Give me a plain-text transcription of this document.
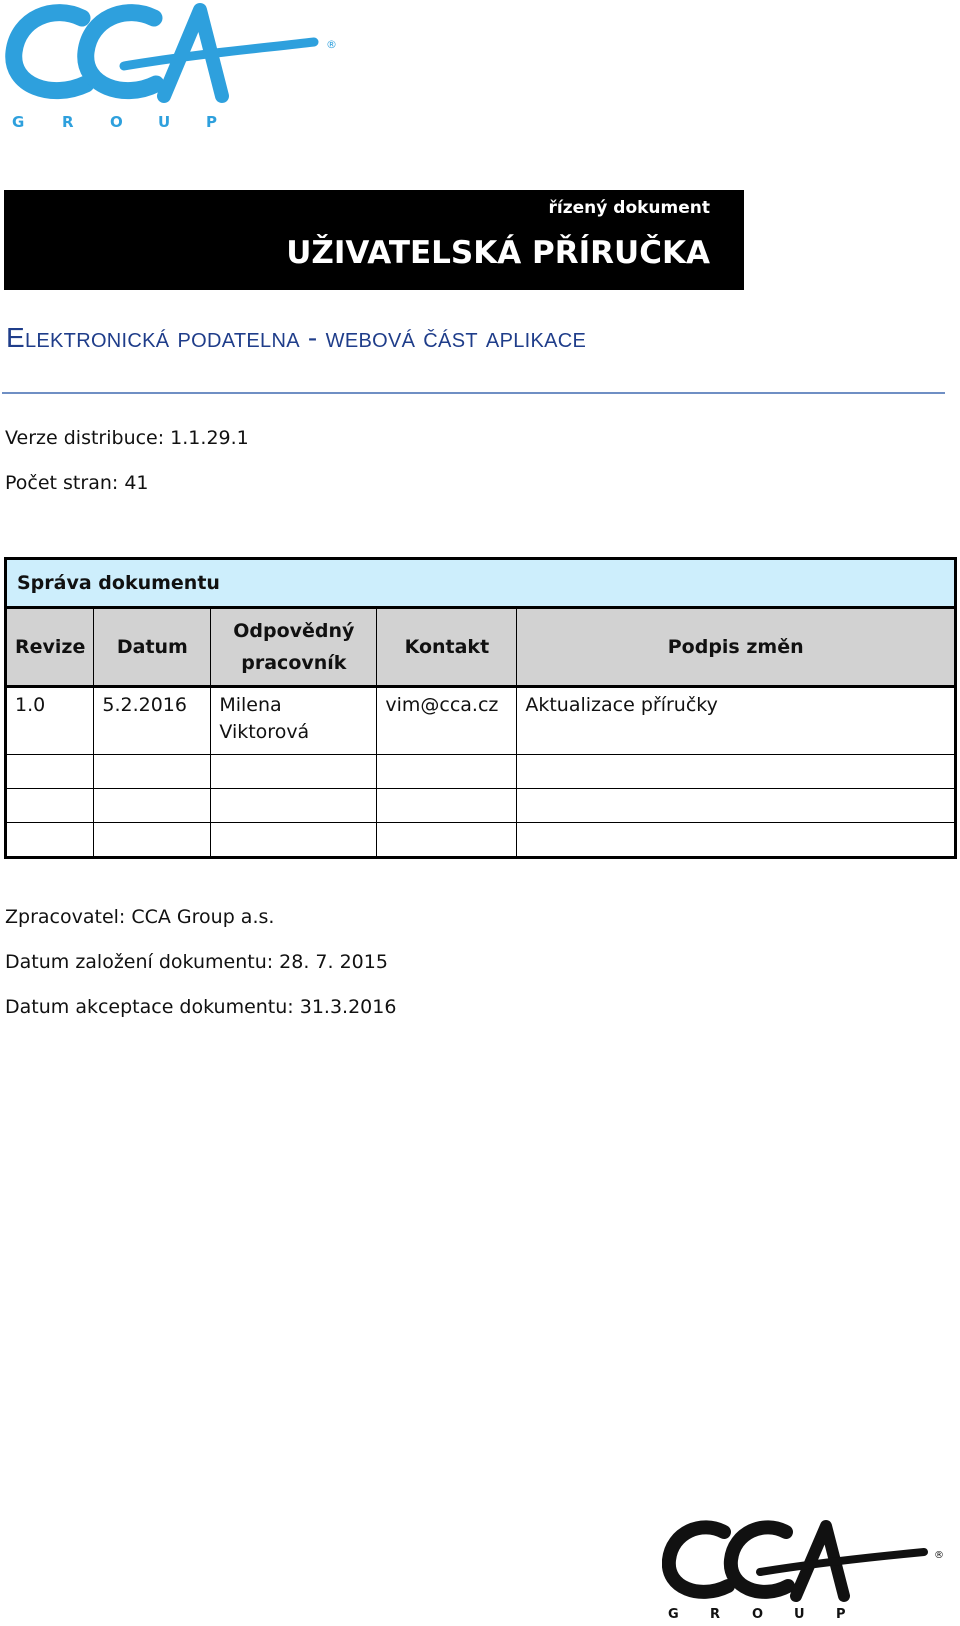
®
G	R O U P
řízený dokument
UŽIVATELSKÁ PŘÍRUČKA
Elektronická podatelna - webová část aplikace
Verze distribuce: 1.1.29.1
Počet stran: 41
Správa dokumentu				
Revize	Datum	Odpovědný pracovník	Kontakt	Podpis změn
1.0	5.2.2016	Milena Viktorová	vim@cca.cz	Aktualizace příručky

Zpracovatel: CCA Group a.s.
Datum založení dokumentu: 28. 7. 2015
Datum akceptace dokumentu: 31.3.2016
®
G R O U P
